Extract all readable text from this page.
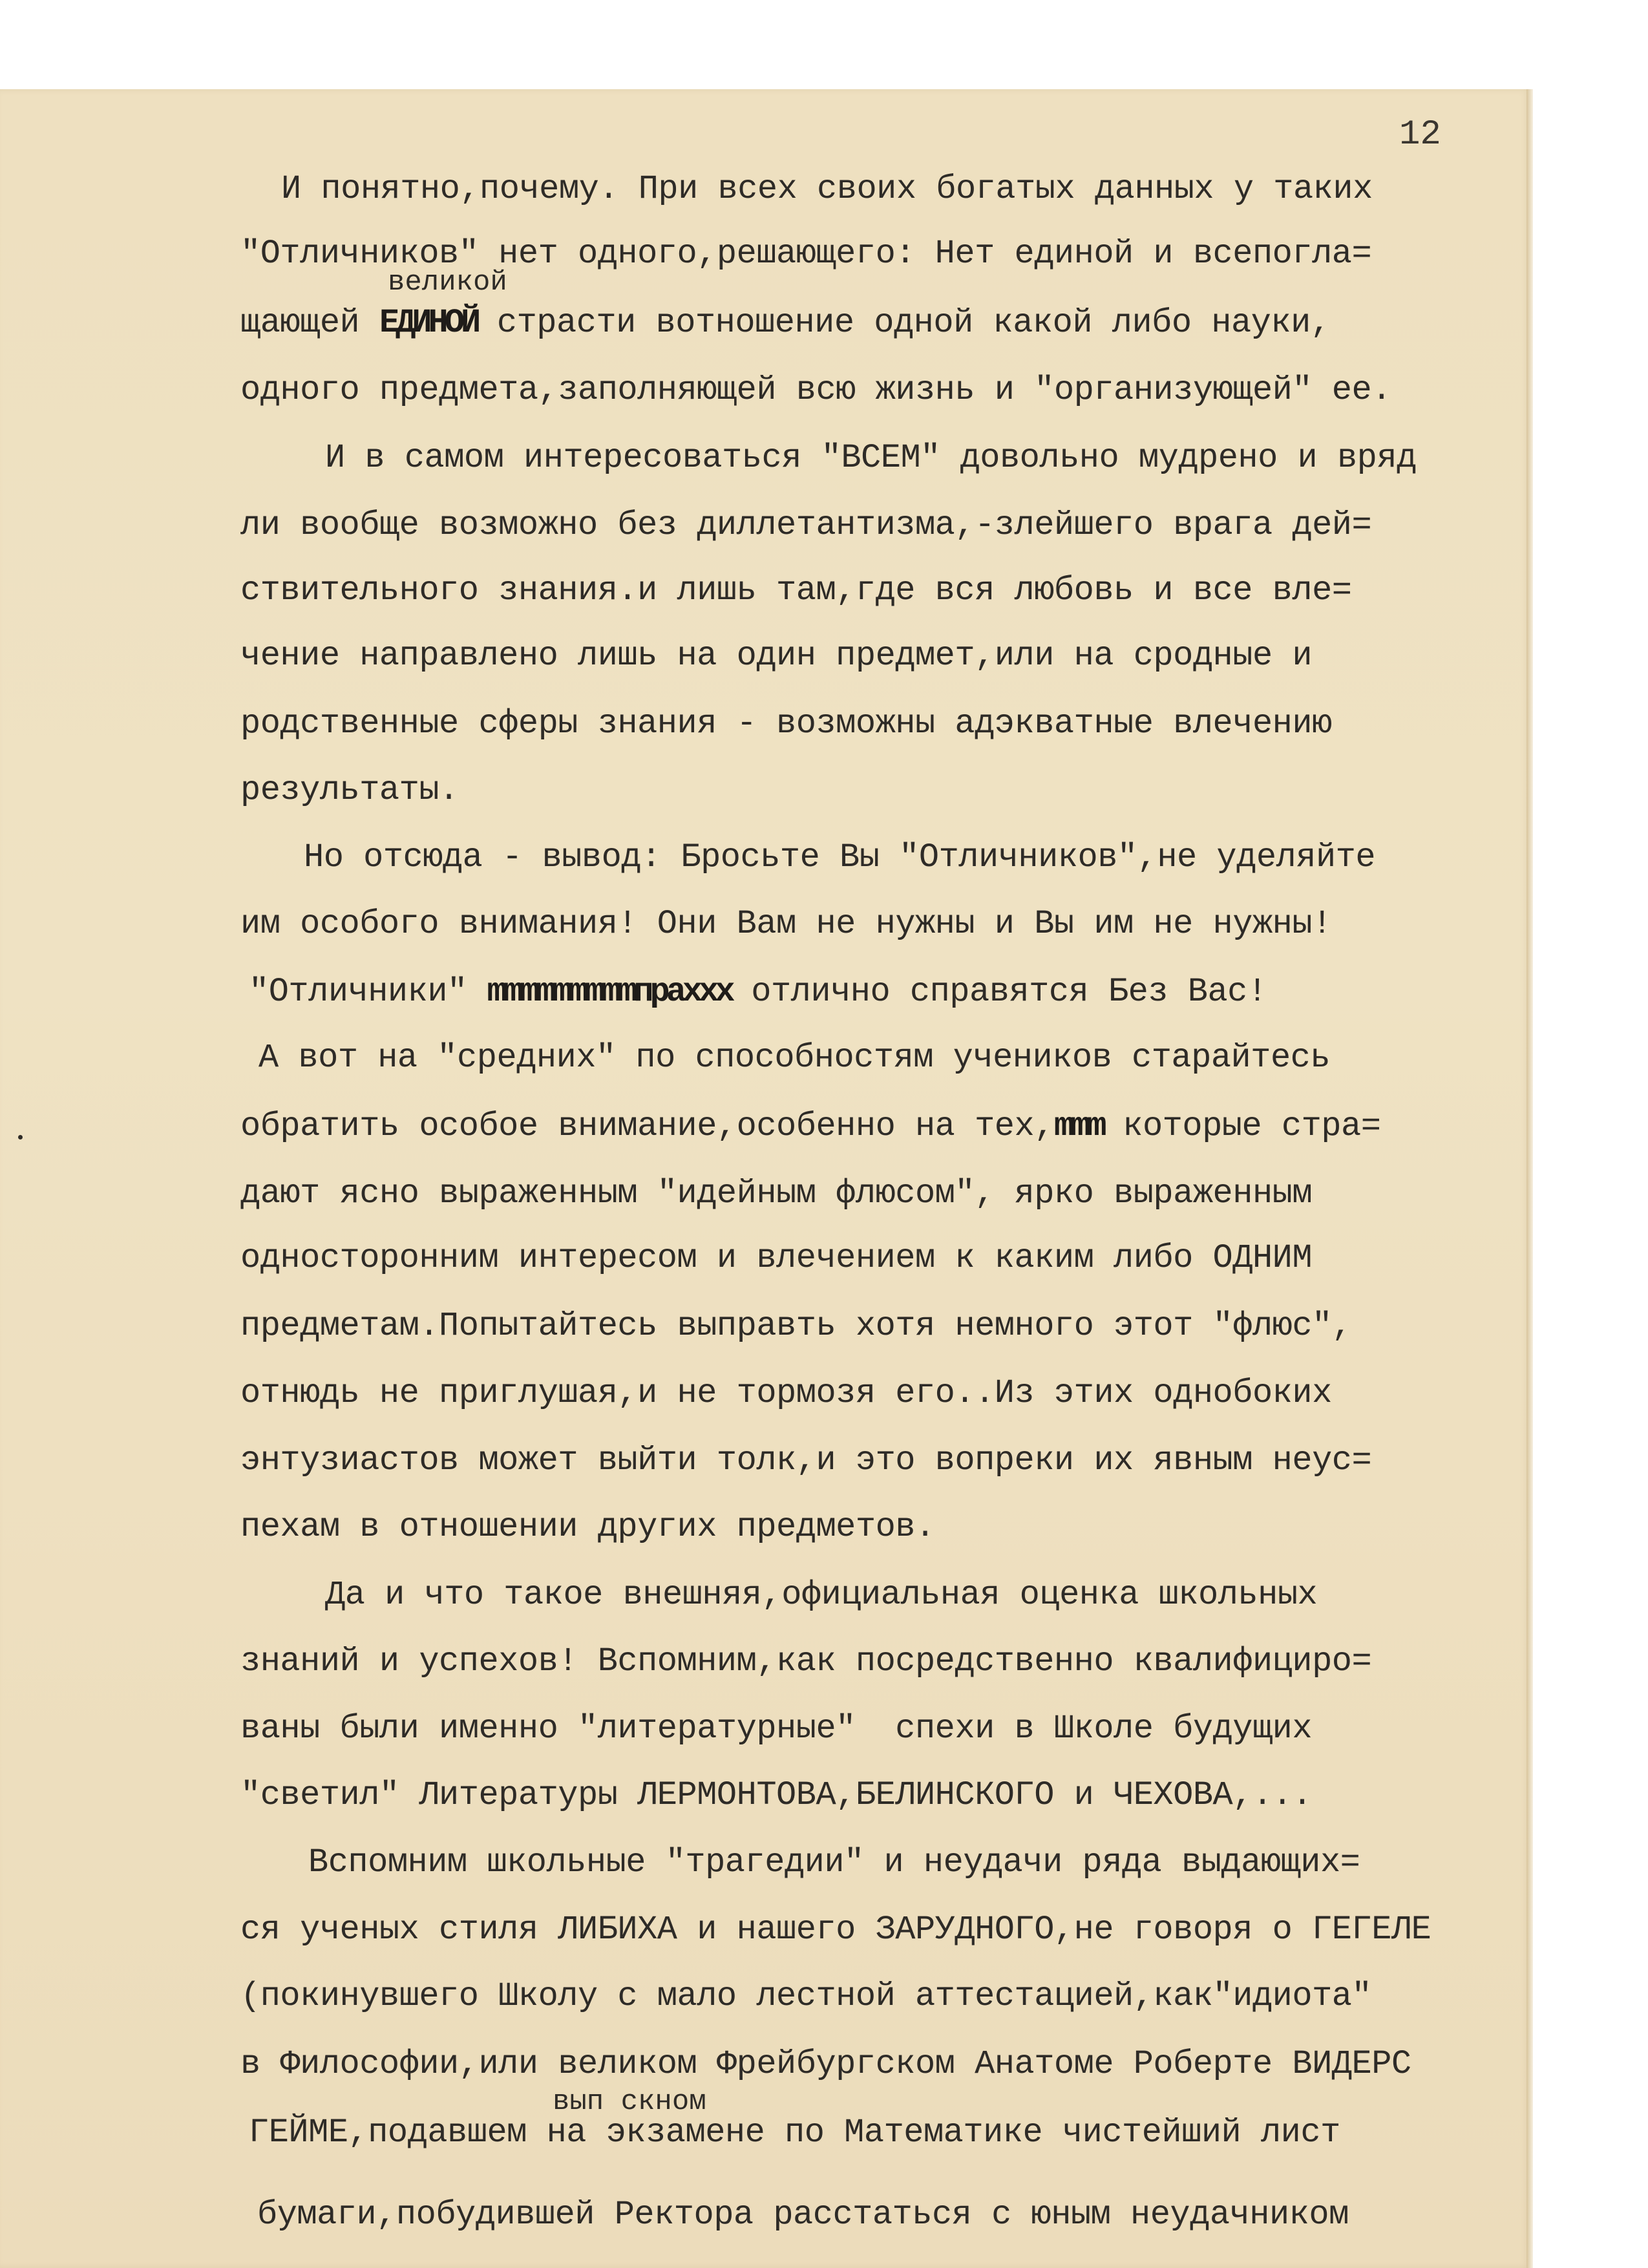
12
великой
И понятно,почему. При всех своих богатых данных у таких
"Отличников" нет одного,решающего: Нет единой и всепогла=
щающей ЕДИНОЙ страсти вотношение одной какой либо науки,
одного предмета,заполняющей всю жизнь и "организующей" ее.
И в самом интересоваться "ВСЕМ" довольно мудрено и вряд
ли вообще возможно без диллетантизма,-злейшего врага дей=
ствительного знания.и лишь там,где вся любовь и все вле=
чение направлено лишь на один предмет,или на сродные и
родственные сферы знания - возможны адэкватные влечению
результаты.
Но отсюда - вывод: Бросьте Вы "Отличников",не уделяйте
им особого внимания! Они Вам не нужны и Вы им не нужны!
"Отличники" mmmmmmmmmпрaxxx отлично справятся Без Вас!
А вот на "средних" по способностям учеников старайтесь
обратить особое внимание,особенно на тех,mmm которые стра=
дают ясно выраженным "идейным флюсом", ярко выраженным
односторонним интересом и влечением к каким либо ОДНИМ
предметам.Попытайтесь выправть хотя немного этот "флюс",
отнюдь не приглушая,и не тормозя его..Из этих однобоких
энтузиастов может выйти толк,и это вопреки их явным неус=
пехам в отношении других предметов.
Да и что такое внешняя,официальная оценка школьных
знаний и успехов! Вспомним,как посредственно квалифициро=
ваны были именно "литературные"  спехи в Школе будущих
"светил" Литературы ЛЕРМОНТОВА,БЕЛИНСКОГО и ЧЕХОВА,...
Вспомним школьные "трагедии" и неудачи ряда выдающих=
ся ученых стиля ЛИБИХА и нашего ЗАРУДНОГО,не говоря о ГЕГЕЛЕ
(покинувшего Школу с мало лестной аттестацией,как"идиота"
в Философии,или великом Фрейбургском Анатоме Роберте ВИДЕРС
вып скном
ГЕЙМЕ,подавшем на экзамене по Математике чистейший лист
бумаги,побудившей Ректора расстаться с юным неудачником
